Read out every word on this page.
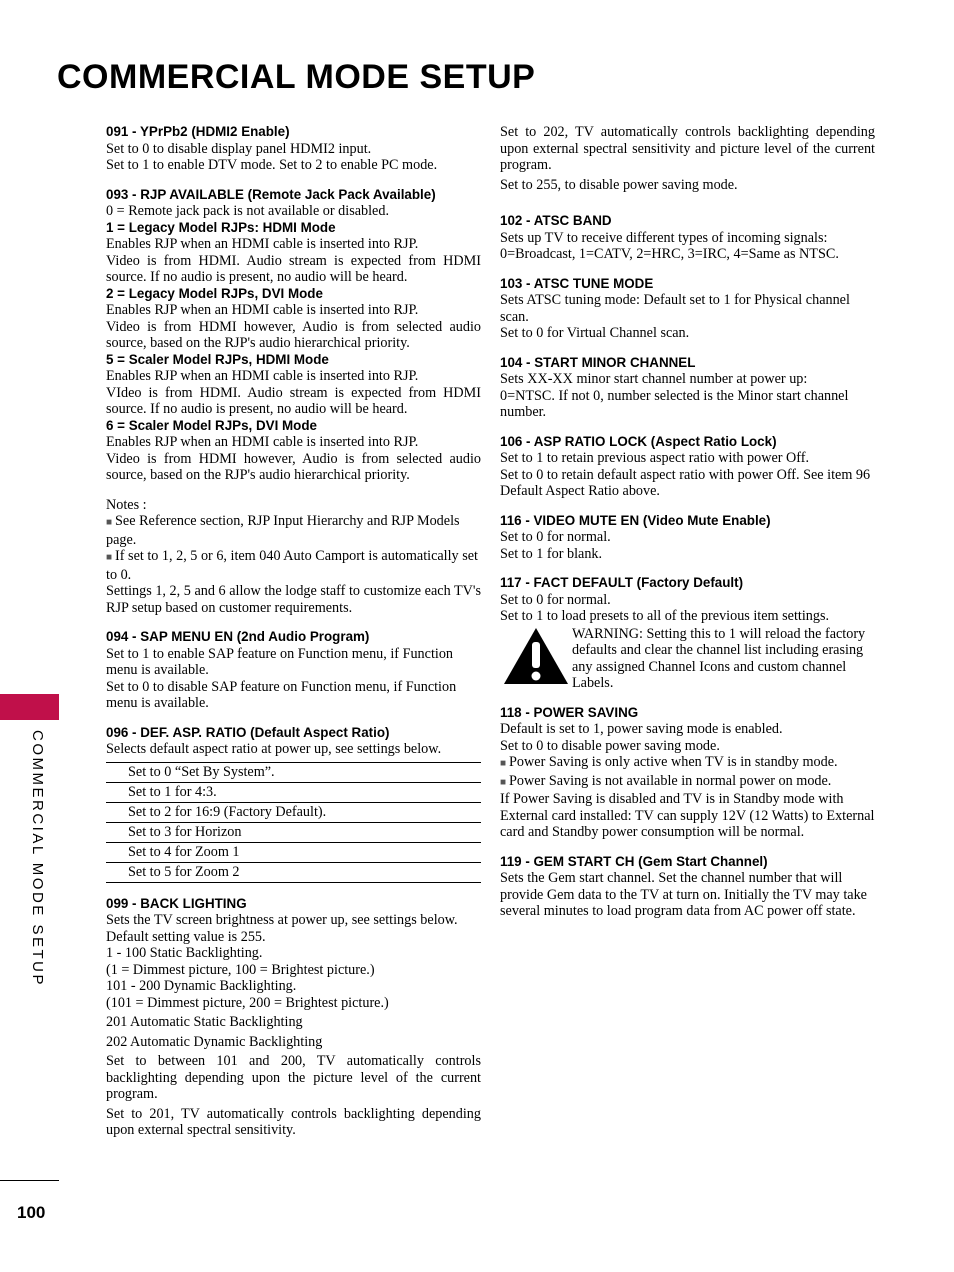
COMMERCIAL MODE SETUP
COMMERCIAL MODE SETUP
100
091 - YPrPb2 (HDMI2 Enable)

Set to 0 to disable display panel HDMI2 input.

Set to 1 to enable DTV mode. Set to 2 to enable PC mode.

093 - RJP AVAILABLE (Remote Jack Pack Available)

0 = Remote jack pack is not available or disabled.

1 = Legacy Model RJPs: HDMI Mode

Enables RJP when an HDMI cable is inserted into RJP.

Video is from HDMI. Audio stream is expected from HDMI source. If no audio is present, no audio will be heard.

2 = Legacy Model RJPs, DVI Mode

Enables RJP when an HDMI cable is inserted into RJP.

Video is from HDMI however, Audio is from selected audio source, based on the RJP's audio hierarchical priority.

5 = Scaler Model RJPs, HDMI Mode

Enables RJP when an HDMI cable is inserted into RJP.

VIdeo is from HDMI. Audio stream is expected from HDMI source. If no audio is present, no audio will be heard.

6 = Scaler Model RJPs, DVI Mode

Enables RJP when an HDMI cable is inserted into RJP.

Video is from HDMI however, Audio is from selected audio source, based on the RJP's audio hierarchical priority.

Notes :

■ See Reference section, RJP Input Hierarchy and RJP Models page.

■ If set to 1, 2, 5 or 6, item 040 Auto Camport is automatically set to 0.

Settings 1, 2, 5 and 6 allow the lodge staff to customize each TV's RJP setup based on customer requirements.

094 - SAP MENU EN (2nd Audio Program)

Set to 1 to enable SAP feature on Function menu, if Function menu is available.

Set to 0 to disable SAP feature on Function menu, if Function menu is available.

096 - DEF. ASP. RATIO (Default Aspect Ratio)

Selects default aspect ratio at power up, see settings below.

Set to 0 “Set By System”.
Set to 1 for 4:3.
Set to 2 for 16:9 (Factory Default).
Set to 3 for Horizon
Set to 4 for Zoom 1
Set to 5 for Zoom 2
099 - BACK LIGHTING

Sets the TV screen brightness at power up, see settings below.

Default setting value is 255.

1 - 100 Static Backlighting.

(1 = Dimmest picture, 100 = Brightest picture.)

101 - 200 Dynamic Backlighting.

(101 = Dimmest picture, 200 = Brightest picture.)

201 Automatic Static Backlighting

202 Automatic Dynamic Backlighting

Set to between 101 and 200, TV automatically controls backlighting depending upon the picture level of the current program.

Set to 201, TV automatically controls backlighting depending upon external spectral sensitivity.

Set to 202, TV automatically controls backlighting depending upon external spectral sensitivity and picture level of the current program.

Set to 255, to disable power saving mode.

102 - ATSC BAND

Sets up TV to receive different types of incoming signals:

0=Broadcast, 1=CATV, 2=HRC, 3=IRC, 4=Same as NTSC.

103 - ATSC TUNE MODE

Sets ATSC tuning mode: Default set to 1 for Physical channel scan.

Set to 0 for Virtual Channel scan.

104 - START MINOR CHANNEL

Sets XX-XX minor start channel number at power up:

0=NTSC. If not 0, number selected is the Minor start channel number.

106 - ASP RATIO LOCK (Aspect Ratio Lock)

Set to 1 to retain previous aspect ratio with power Off.

Set to 0 to retain default aspect ratio with power Off. See item 96 Default Aspect Ratio above.

116 - VIDEO MUTE EN (Video Mute Enable)

Set to 0 for normal.

Set to 1 for blank.

117 - FACT DEFAULT (Factory Default)

Set to 0 for normal.

Set to 1 to load presets to all of the previous item settings.

WARNING: Setting this to 1 will reload the factory defaults and clear the channel list including erasing any assigned Channel Icons and custom channel Labels.

118 - POWER SAVING

Default is set to 1, power saving mode is enabled.

Set to 0 to disable power saving mode.

■ Power Saving is only active when TV is in standby mode.

■ Power Saving is not available in normal power on mode.

If Power Saving is disabled and TV is in Standby mode with External card installed: TV can supply 12V (12 Watts) to External card and Standby power consumption will be normal.

119 - GEM START CH (Gem Start Channel)

Sets the Gem start channel. Set the channel number that will provide Gem data to the TV at turn on. Initially the TV may take several minutes to load program data from AC power off state.
